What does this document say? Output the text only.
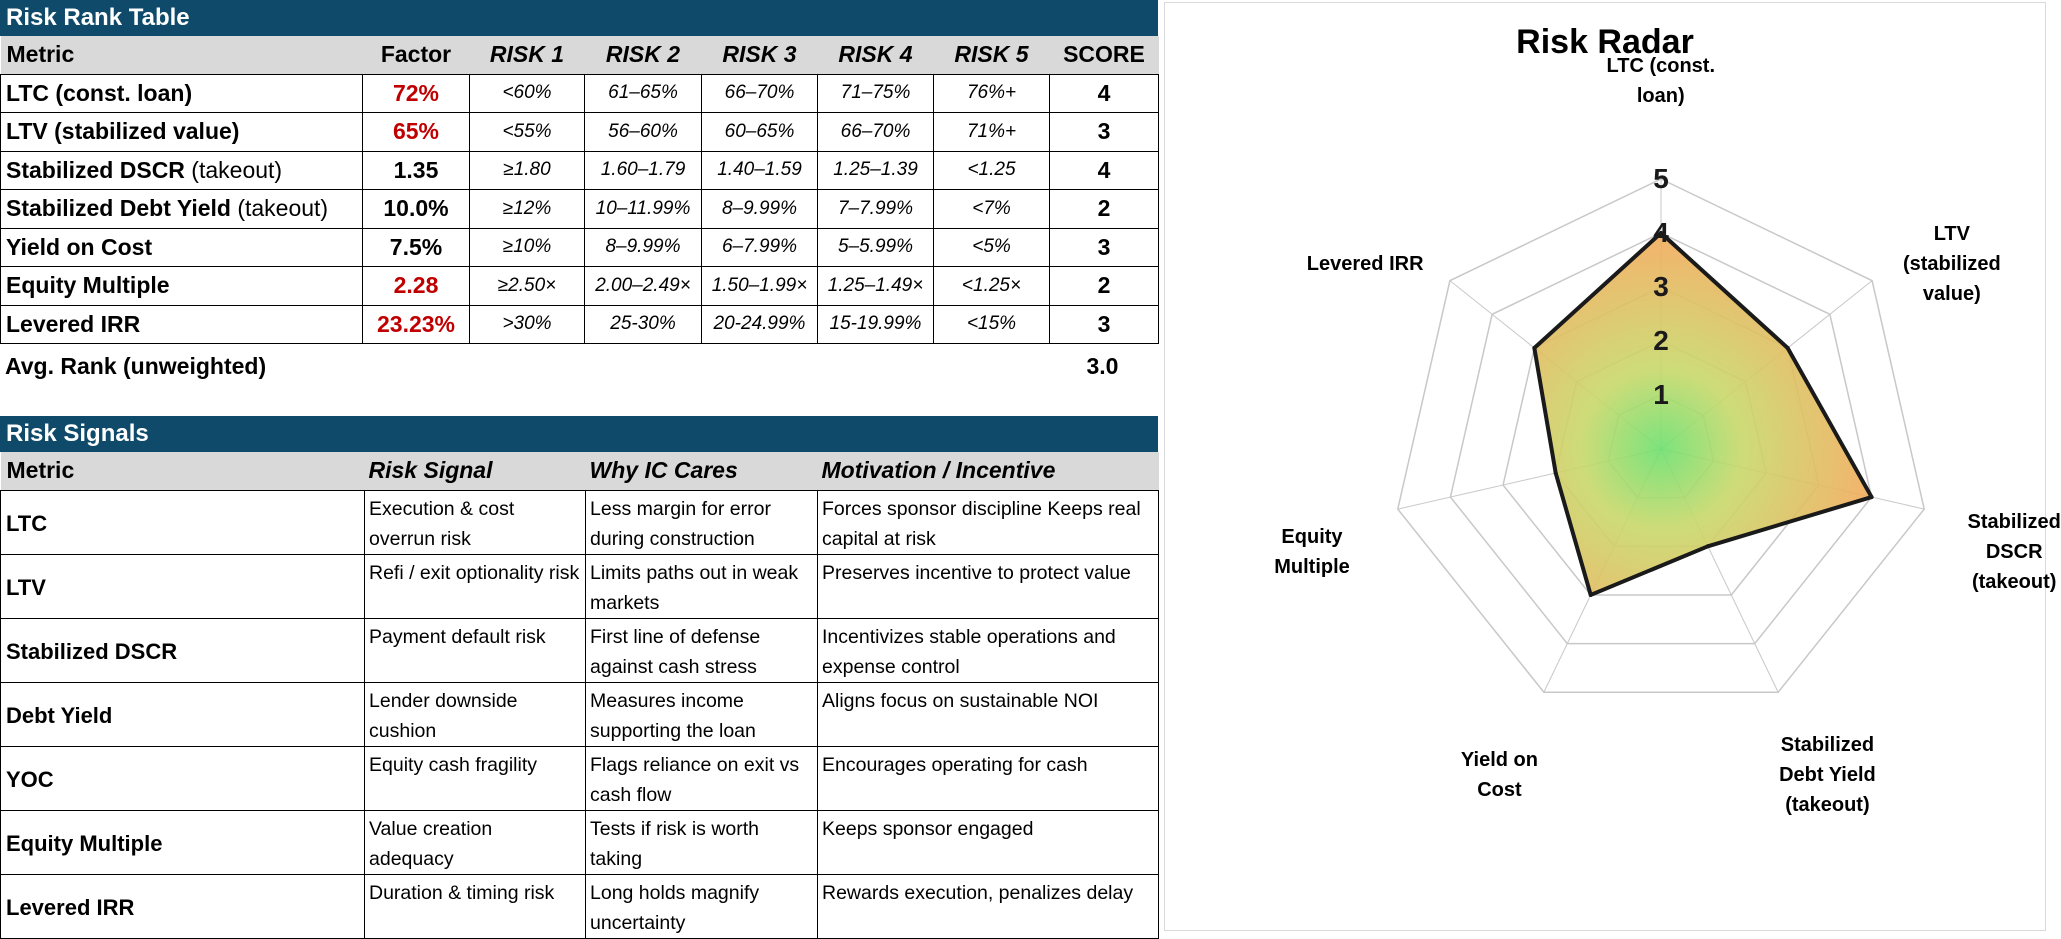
Risk Rank Table
Metric	Factor	RISK 1	RISK 2	RISK 3	RISK 4	RISK 5	SCORE
LTC (const. loan)	72%	<60%	61–65%	66–70%	71–75%	76%+	4
LTV (stabilized value)	65%	<55%	56–60%	60–65%	66–70%	71%+	3
Stabilized DSCR (takeout)	1.35	≥1.80	1.60–1.79	1.40–1.59	1.25–1.39	<1.25	4
Stabilized Debt Yield (takeout)	10.0%	≥12%	10–11.99%	8–9.99%	7–7.99%	<7%	2
Yield on Cost	7.5%	≥10%	8–9.99%	6–7.99%	5–5.99%	<5%	3
Equity Multiple	2.28	≥2.50×	2.00–2.49×	1.50–1.99×	1.25–1.49×	<1.25×	2
Levered IRR	23.23%	>30%	25-30%	20-24.99%	15-19.99%	<15%	3
Avg. Rank (unweighted)	3.0
Risk Signals
Metric	Risk Signal	Why IC Cares	Motivation / Incentive
LTC	Execution & cost overrun risk	Less margin for error during construction	Forces sponsor discipline Keeps real capital at risk
LTV	Refi / exit optionality risk	Limits paths out in weak markets	Preserves incentive to protect value
Stabilized DSCR	Payment default risk	First line of defense against cash stress	Incentivizes stable operations and expense control
Debt Yield	Lender downside cushion	Measures income supporting the loan	Aligns focus on sustainable NOI
YOC	Equity cash fragility	Flags reliance on exit vs cash flow	Encourages operating for cash
Equity Multiple	Value creation adequacy	Tests if risk is worth taking	Keeps sponsor engaged
Levered IRR	Duration & timing risk	Long holds magnify uncertainty	Rewards execution, penalizes delay
Risk Radar
1
2
3
4
5
LTC (const.
loan)
LTV
(stabilized
value)
Stabilized
DSCR
(takeout)
Stabilized
Debt Yield
(takeout)
Yield on
Cost
Equity
Multiple
Levered IRR
